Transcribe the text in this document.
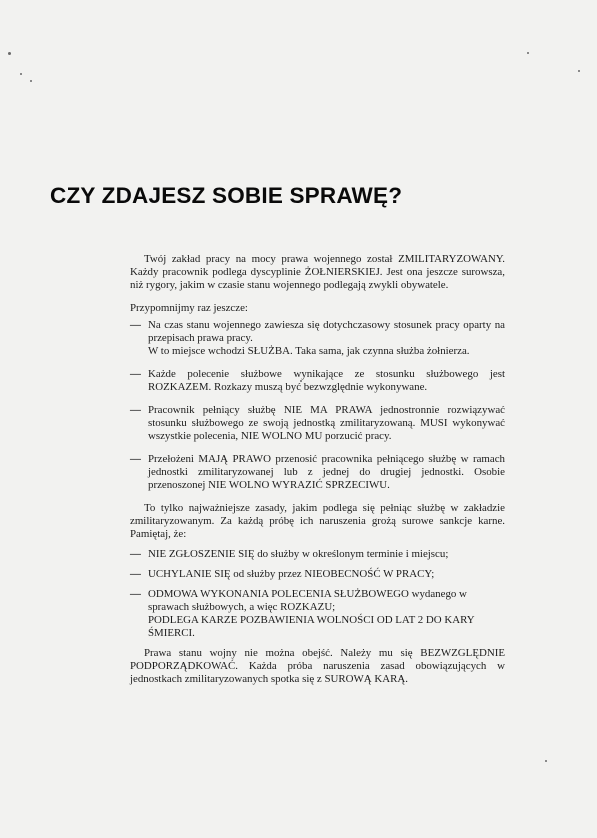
CZY ZDAJESZ SOBIE SPRAWĘ?

Twój zakład pracy na mocy prawa wojennego został ZMILITARYZOWANY. Każdy pracownik podlega dyscyplinie ŻOŁNIERSKIEJ. Jest ona jeszcze surowsza, niż rygory, jakim w czasie stanu wojennego podlegają zwykli obywatele.

Przypomnijmy raz jeszcze:

— Na czas stanu wojennego zawiesza się dotychczasowy stosunek pracy oparty na przepisach prawa pracy.
W to miejsce wchodzi SŁUŻBA. Taka sama, jak czynna służba żołnierza.
— Każde polecenie służbowe wynikające ze stosunku służbowego jest ROZKAZEM. Rozkazy muszą być bezwzględnie wykonywane.
— Pracownik pełniący służbę NIE MA PRAWA jednostronnie rozwiązywać stosunku służbowego ze swoją jednostką zmilitaryzowaną. MUSI wykonywać wszystkie polecenia, NIE WOLNO MU porzucić pracy.
— Przełożeni MAJĄ PRAWO przenosić pracownika pełniącego służbę w ramach jednostki zmilitaryzowanej lub z jednej do drugiej jednostki. Osobie przenoszonej NIE WOLNO WYRAZIĆ SPRZECIWU.

To tylko najważniejsze zasady, jakim podlega się pełniąc służbę w zakładzie zmilitaryzowanym. Za każdą próbę ich naruszenia grożą surowe sankcje karne. Pamiętaj, że:

— NIE ZGŁOSZENIE SIĘ do służby w określonym terminie i miejscu;
— UCHYLANIE SIĘ od służby przez NIEOBECNOŚĆ W PRACY;
— ODMOWA WYKONANIA POLECENIA SŁUŻBOWEGO wydanego w sprawach służbowych, a więc ROZKAZU;
PODLEGA KARZE POZBAWIENIA WOLNOŚCI OD LAT 2 DO KARY ŚMIERCI.

Prawa stanu wojny nie można obejść. Należy mu się BEZWZGLĘDNIE PODPORZĄDKOWAĆ. Każda próba naruszenia zasad obowiązujących w jednostkach zmilitaryzowanych spotka się z SUROWĄ KARĄ.
